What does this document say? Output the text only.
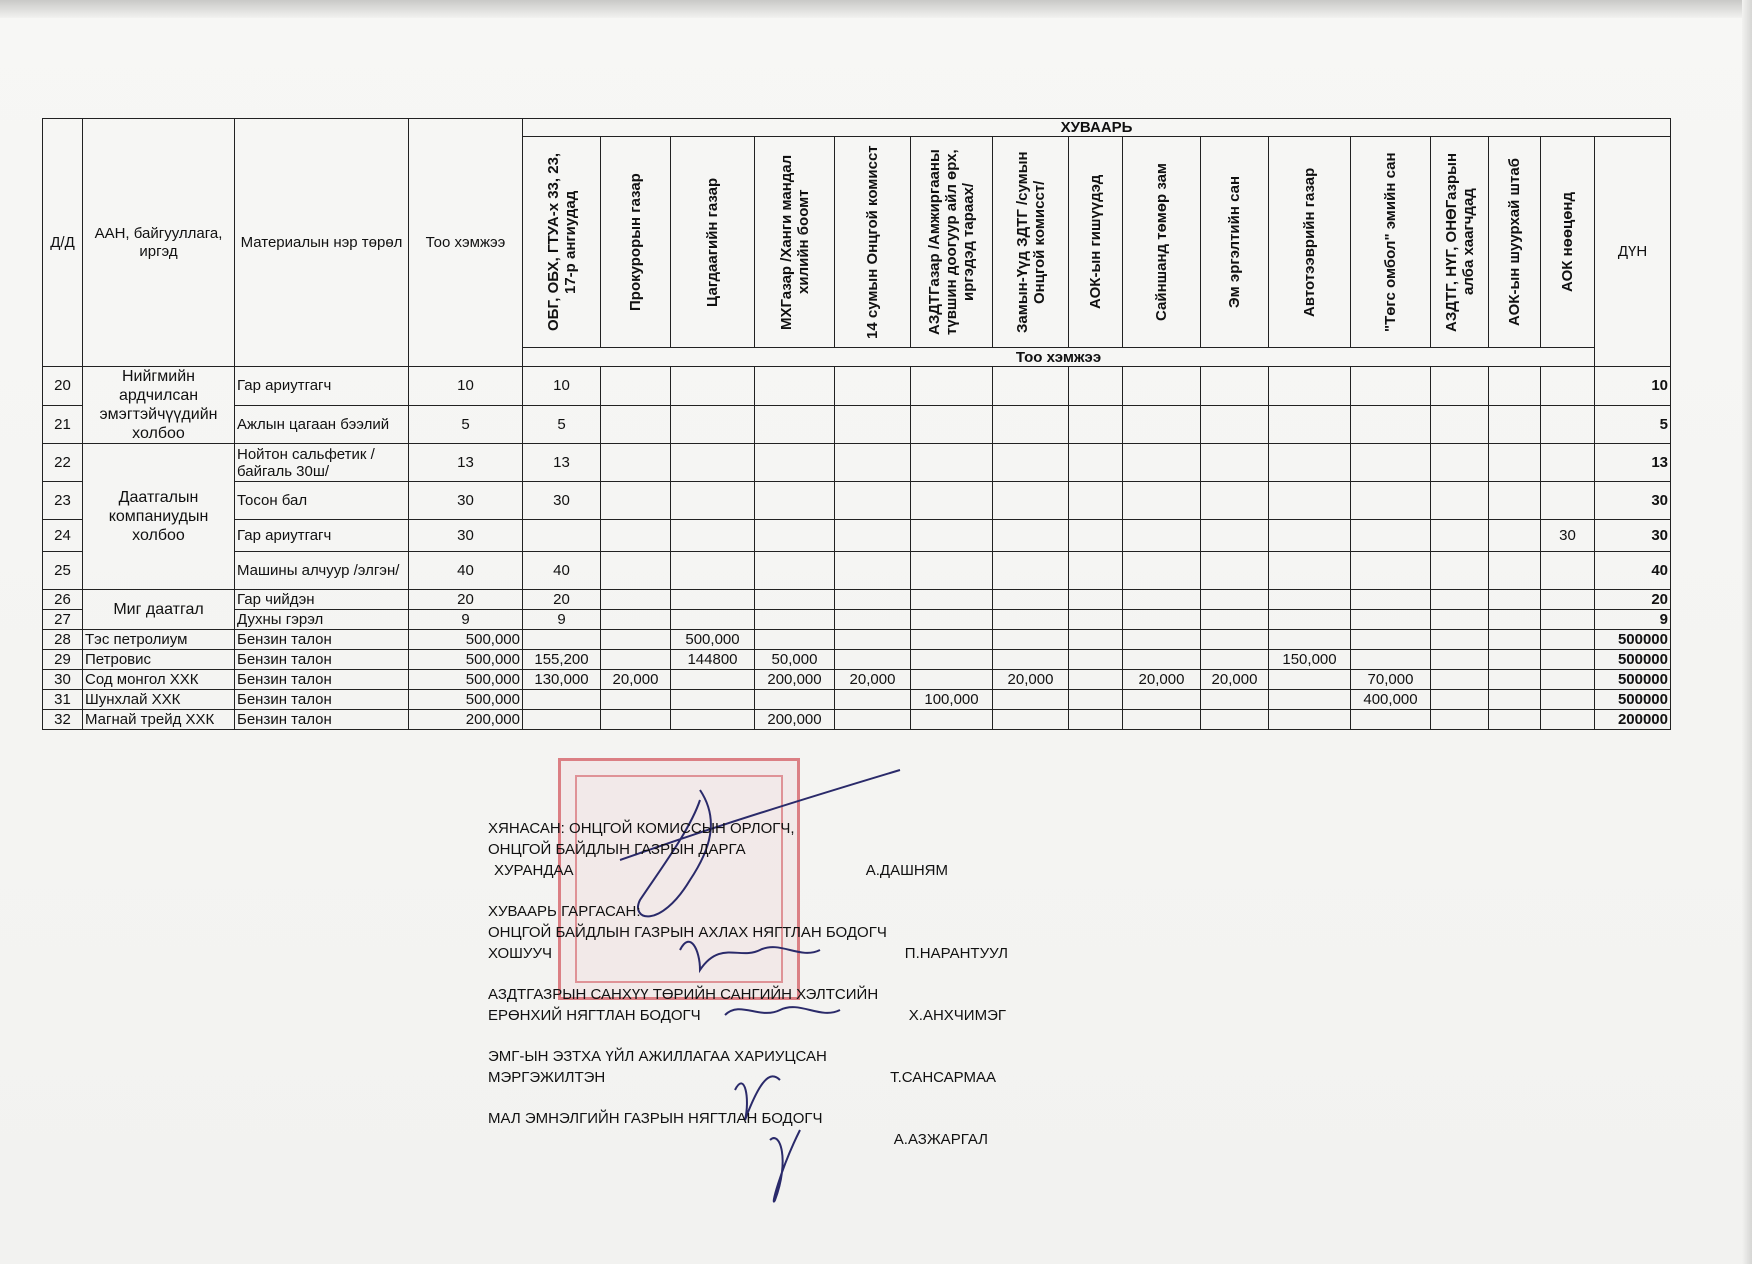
Д/Д	ААН, байгууллага, иргэд	Материалын нэр төрөл	Тоо хэмжээ	ХУВААРЬ															

				ОБГ, ОБХ, ГТУА-х 33, 23, 17-р ангиудад	Прокурорын газар	Цагдаагийн газар	МХГазар /Ханги мандал хилийн боомт	14 сумын Онцгой комисст	АЗДТГазар /Амжиргааны түвшин доогуур айл өрх, иргэдэд тараах/	Замын-Үүд ЗДТГ /сумын Онцгой комисст/	АОК-ын гишүүдэд	Сайншанд төмөр зам	Эм эргэлтийн сан	Автотээврийн газар	"Төгс омбол" эмийн сан	АЗДТГ, НҮГ, ОНӨГазрын алба хаагчдад	АОК-ын шуурхай штаб	АОК нөөцөнд	ДҮН
				Тоо хэмжээ															
20	Нийгмийн ардчилсан эмэгтэйчүүдийн холбоо	Гар ариутгагч	10	10															10
21		Ажлын цагаан бээлий	5	5															5
22	Даатгалын компаниудын холбоо	Нойтон сальфетик /байгаль 30ш/	13	13															13
23		Тосон бал	30	30															30
24		Гар ариутгагч	30															30	30
25		Машины алчуур /элгэн/	40	40															40
26	Миг даатгал	Гар чийдэн	20	20															20
27		Духны гэрэл	9	9															9
28	Тэс петролиум	Бензин талон	500,000			500,000													500000
29	Петровис	Бензин талон	500,000	155,200		144800	50,000							150,000					500000
30	Сод монгол ХХК	Бензин талон	500,000	130,000	20,000		200,000	20,000		20,000		20,000	20,000		70,000				500000
31	Шунхлай ХХК	Бензин талон	500,000						100,000						400,000				500000
32	Магнай трейд ХХК	Бензин талон	200,000				200,000												200000
ХЯНАСАН: ОНЦГОЙ КОМИССЫН ОРЛОГЧ,
ОНЦГОЙ БАЙДЛЫН ГАЗРЫН ДАРГА
ХУРАНДАА	А.ДАШНЯМ
ХУВААРЬ ГАРГАСАН:
ОНЦГОЙ БАЙДЛЫН ГАЗРЫН АХЛАХ НЯГТЛАН БОДОГЧ
ХОШУУЧ	П.НАРАНТУУЛ
АЗДТГАЗРЫН САНХҮҮ ТӨРИЙН САНГИЙН ХЭЛТСИЙН
ЕРӨНХИЙ НЯГТЛАН БОДОГЧ	Х.АНХЧИМЭГ
ЭМГ-ЫН ЭЗТХА ҮЙЛ АЖИЛЛАГАА ХАРИУЦСАН
МЭРГЭЖИЛТЭН	Т.САНСАРМАА
МАЛ ЭМНЭЛГИЙН ГАЗРЫН НЯГТЛАН БОДОГЧ

А.АЗЖАРГАЛ
